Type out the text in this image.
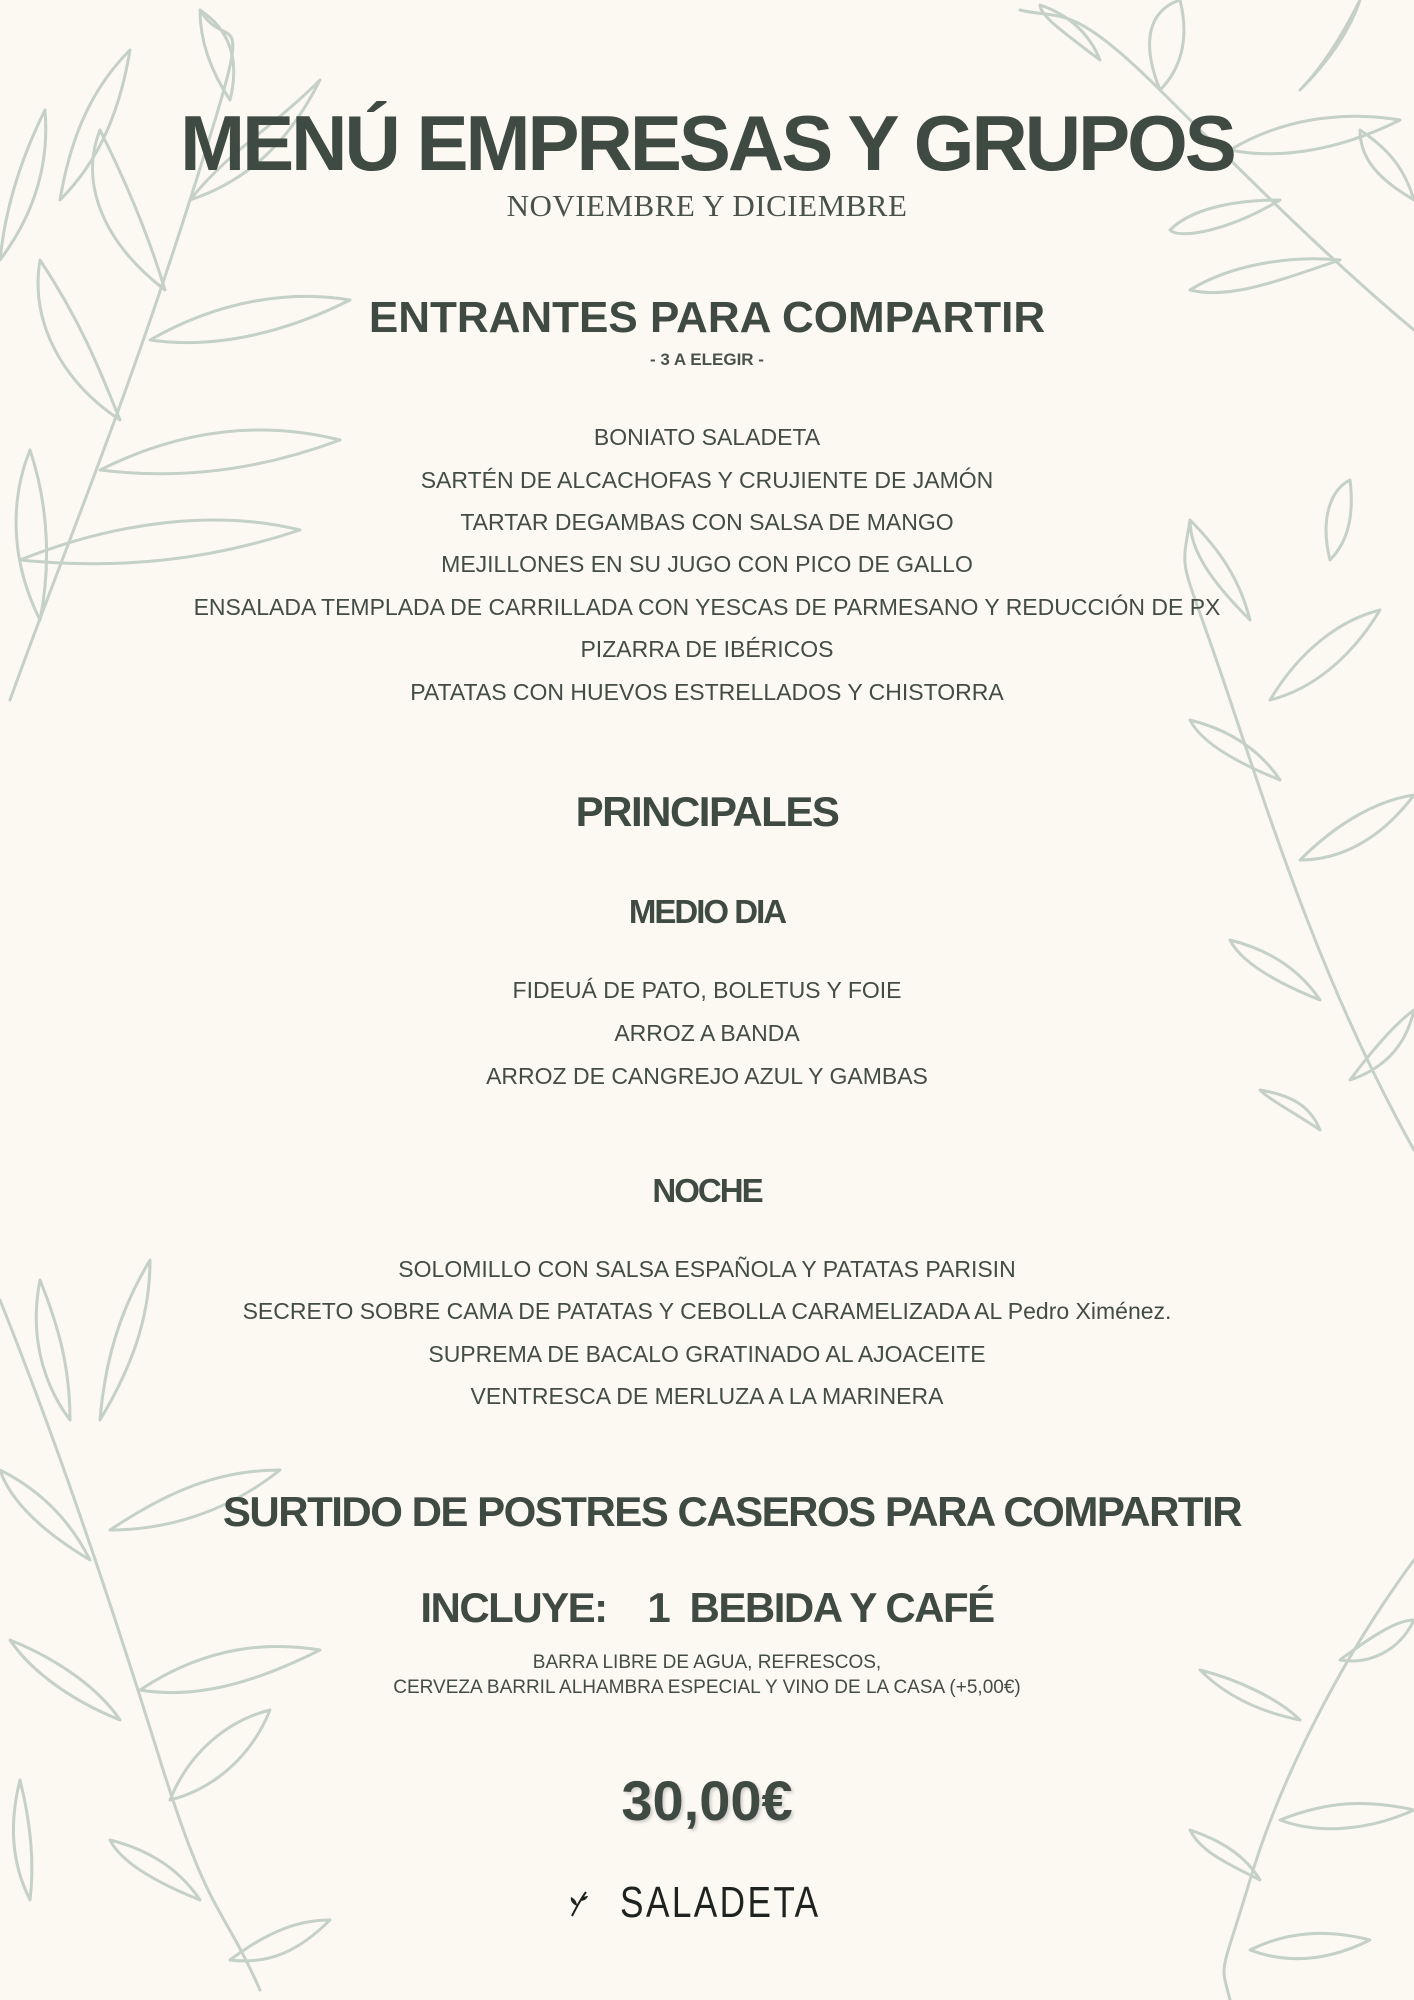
MENÚ EMPRESAS Y GRUPOS
NOVIEMBRE Y DICIEMBRE
ENTRANTES PARA COMPARTIR
- 3 A ELEGIR -
BONIATO SALADETA
SARTÉN DE ALCACHOFAS Y CRUJIENTE DE JAMÓN
TARTAR DEGAMBAS CON SALSA DE MANGO
MEJILLONES EN SU JUGO CON PICO DE GALLO
ENSALADA TEMPLADA DE CARRILLADA CON YESCAS DE PARMESANO Y REDUCCIÓN DE PX
PIZARRA DE IBÉRICOS
PATATAS CON HUEVOS ESTRELLADOS Y CHISTORRA
PRINCIPALES
MEDIO DIA
FIDEUÁ DE PATO, BOLETUS Y FOIE
ARROZ A BANDA
ARROZ DE CANGREJO AZUL Y GAMBAS
NOCHE
SOLOMILLO CON SALSA ESPAÑOLA Y PATATAS PARISIN
SECRETO SOBRE CAMA DE PATATAS Y CEBOLLA CARAMELIZADA AL Pedro Ximénez.
SUPREMA DE BACALO GRATINADO AL AJOACEITE
VENTRESCA DE MERLUZA A LA MARINERA
SURTIDO DE POSTRES CASEROS PARA COMPARTIR
INCLUYE:    1  BEBIDA Y CAFÉ
BARRA LIBRE DE AGUA, REFRESCOS,
CERVEZA BARRIL ALHAMBRA ESPECIAL Y VINO DE LA CASA (+5,00€)
30,00€
SALADETA
